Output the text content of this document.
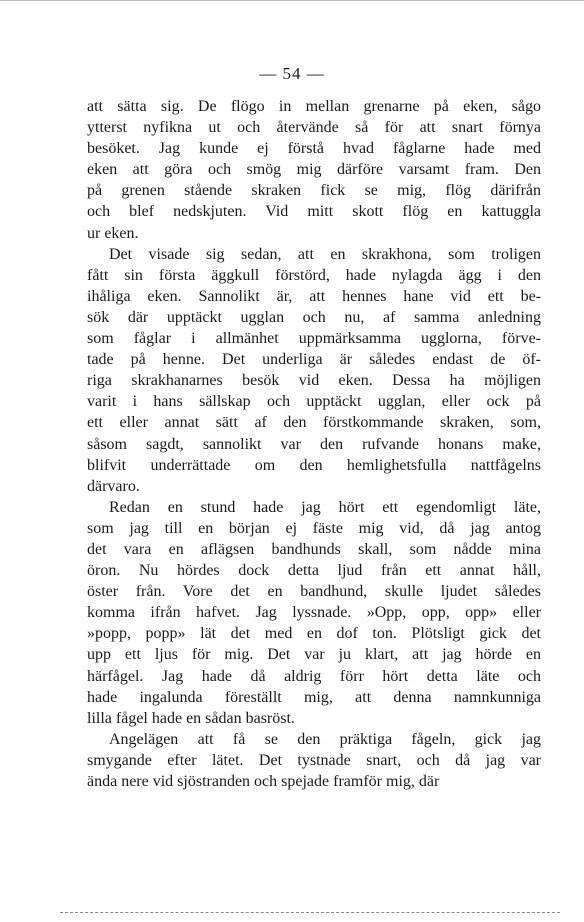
— 54 —

att sätta sig. De flögo in mellan grenarne på eken, sågo
ytterst nyfikna ut och återvände så för att snart förnya
besöket. Jag kunde ej förstå hvad fåglarne hade med
eken att göra och smög mig därföre varsamt fram. Den
på grenen stående skraken fick se mig, flög därifrån
och blef nedskjuten. Vid mitt skott flög en kattuggla
ur eken.

Det visade sig sedan, att en skrakhona, som troligen
fått sin första äggkull förstörd, hade nylagda ägg i den
ihåliga eken. Sannolikt är, att hennes hane vid ett be-
sök där upptäckt ugglan och nu, af samma anledning
som fåglar i allmänhet uppmärksamma ugglorna, förve-
tade på henne. Det underliga är således endast de öf-
riga skrakhanarnes besök vid eken. Dessa ha möjligen
varit i hans sällskap och upptäckt ugglan, eller ock på
ett eller annat sätt af den förstkommande skraken, som,
såsom sagdt, sannolikt var den rufvande honans make,
blifvit underrättade om den hemlighetsfulla nattfågelns
därvaro.

Redan en stund hade jag hört ett egendomligt läte,
som jag till en början ej fäste mig vid, då jag antog
det vara en aflägsen bandhunds skall, som nådde mina
öron. Nu hördes dock detta ljud från ett annat håll,
öster från. Vore det en bandhund, skulle ljudet således
komma ifrån hafvet. Jag lyssnade. »Opp, opp, opp» eller
»popp, popp» lät det med en dof ton. Plötsligt gick det
upp ett ljus för mig. Det var ju klart, att jag hörde en
härfågel. Jag hade då aldrig förr hört detta läte och
hade ingalunda föreställt mig, att denna namnkunniga
lilla fågel hade en sådan basröst.

Angelägen att få se den präktiga fågeln, gick jag
smygande efter lätet. Det tystnade snart, och då jag var
ända nere vid sjöstranden och spejade framför mig, där
